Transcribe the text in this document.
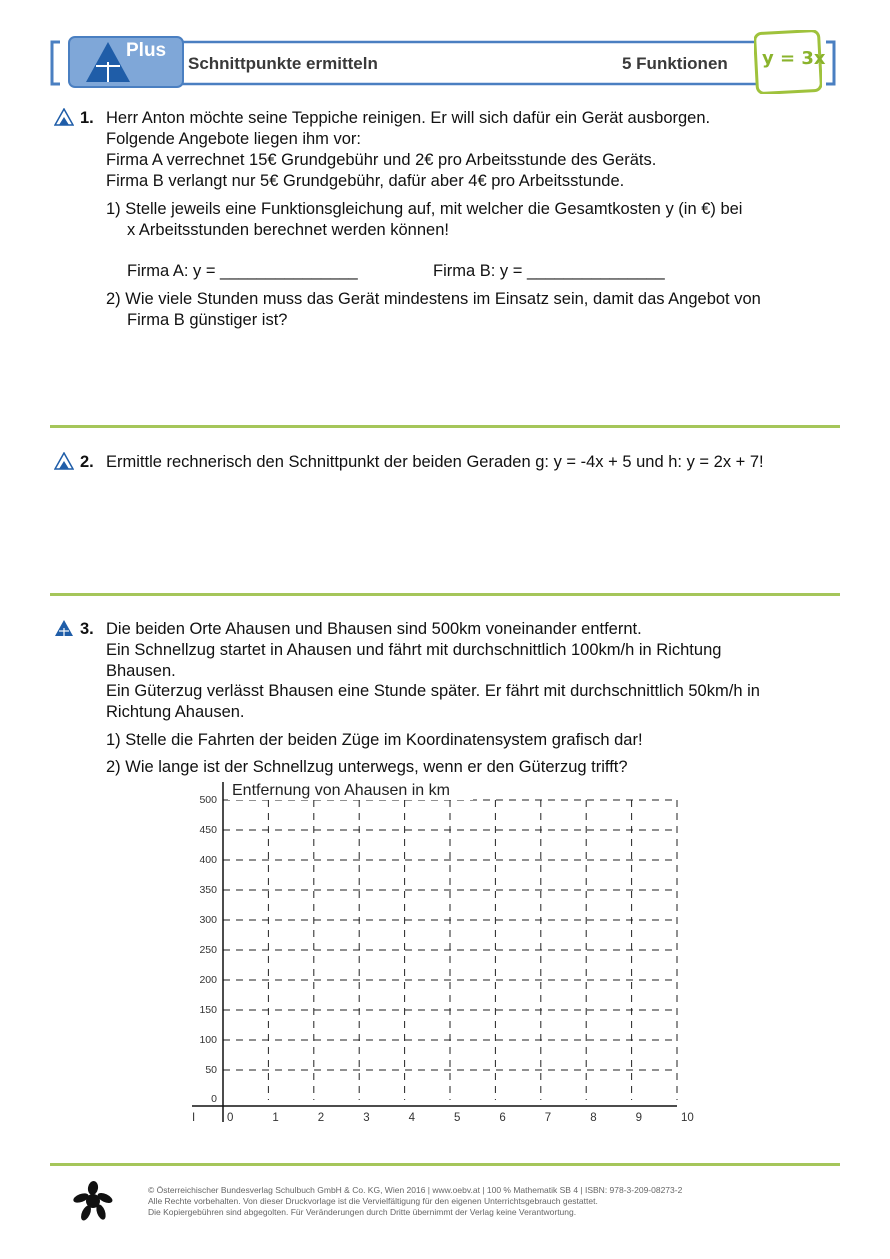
Plus
Schnittpunkte ermitteln	5 Funktionen y = 3x
1. Herr Anton möchte seine Teppiche reinigen. Er will sich dafür ein Gerät ausborgen.
Folgende Angebote liegen ihm vor:
Firma A verrechnet 15€ Grundgebühr und 2€ pro Arbeitsstunde des Geräts.
Firma B verlangt nur 5€ Grundgebühr, dafür aber 4€ pro Arbeitsstunde.
1) Stelle jeweils eine Funktionsgleichung auf, mit welcher die Gesamtkosten y (in €) bei
x Arbeitsstunden berechnet werden können!
Firma A: y = _______________	Firma B: y = _______________
2) Wie viele Stunden muss das Gerät mindestens im Einsatz sein, damit das Angebot von
Firma B günstiger ist?
2. Ermittle rechnerisch den Schnittpunkt der beiden Geraden g: y = -4x + 5 und h: y = 2x + 7!
3. Die beiden Orte Ahausen und Bhausen sind 500km voneinander entfernt.
Ein Schnellzug startet in Ahausen und fährt mit durchschnittlich 100km/h in Richtung
Bhausen.
Ein Güterzug verlässt Bhausen eine Stunde später. Er fährt mit durchschnittlich 50km/h in
Richtung Ahausen.
1) Stelle die Fahrten der beiden Züge im Koordinatensystem grafisch dar!
2) Wie lange ist der Schnellzug unterwegs, wenn er den Güterzug trifft?
0
50
100
150
200
250
300
350
400
450
500
0	1	2	3	4	5	6	7	8	9	10
I
Entfernung von Ahausen in km
© Österreichischer Bundesverlag Schulbuch GmbH & Co. KG, Wien 2016 | www.oebv.at | 100 % Mathematik SB 4 | ISBN: 978-3-209-08273-2
Alle Rechte vorbehalten. Von dieser Druckvorlage ist die Vervielfältigung für den eigenen Unterrichtsgebrauch gestattet.
Die Kopiergebühren sind abgegolten. Für Veränderungen durch Dritte übernimmt der Verlag keine Verantwortung.
